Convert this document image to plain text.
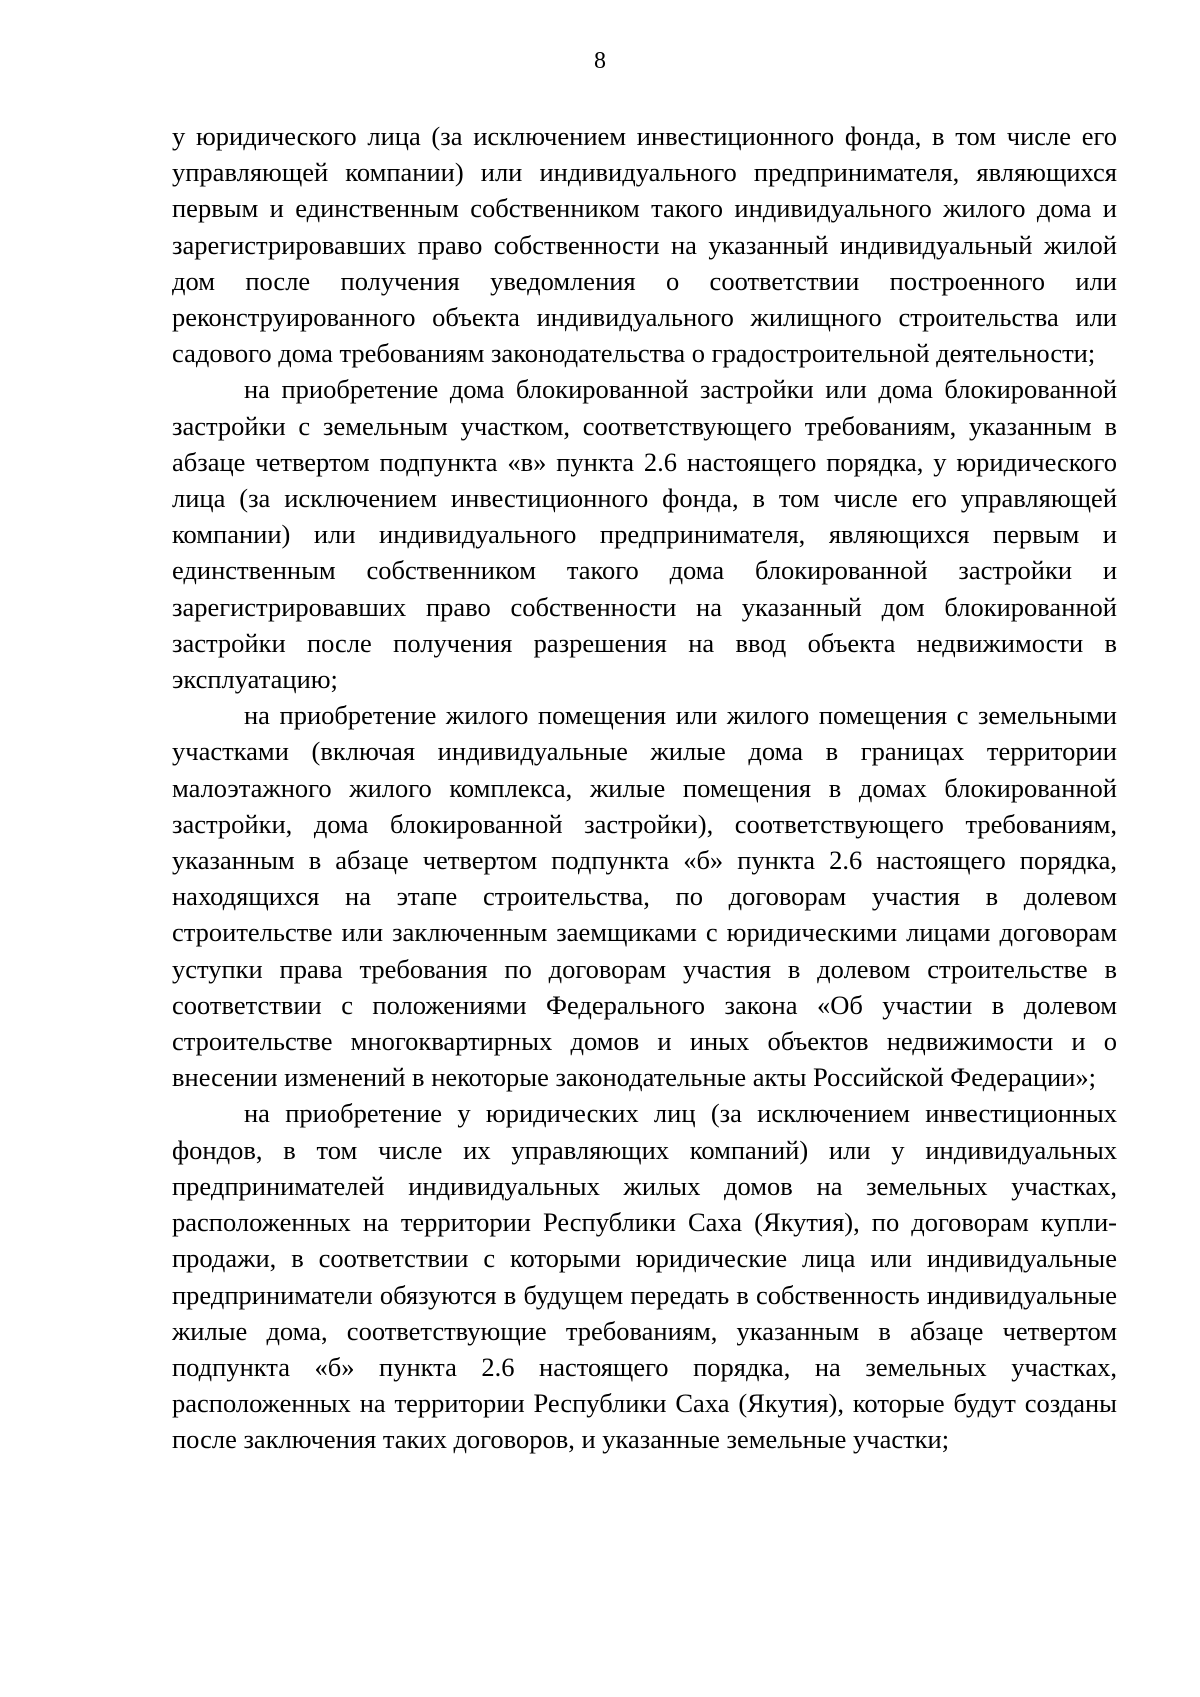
8

у юридического лица (за исключением инвестиционного фонда, в том числе его управляющей компании) или индивидуального предпринимателя, являющихся первым и единственным собственником такого индивидуального жилого дома и зарегистрировавших право собственности на указанный индивидуальный жилой дом после получения уведомления о соответствии построенного или реконструированного объекта индивидуального жилищного строительства или садового дома требованиям законодательства о градостроительной деятельности;

на приобретение дома блокированной застройки или дома блокированной застройки с земельным участком, соответствующего требованиям, указанным в абзаце четвертом подпункта «в» пункта 2.6 настоящего порядка, у юридического лица (за исключением инвестиционного фонда, в том числе его управляющей компании) или индивидуального предпринимателя, являющихся первым и единственным собственником такого дома блокированной застройки и зарегистрировавших право собственности на указанный дом блокированной застройки после получения разрешения на ввод объекта недвижимости в эксплуатацию;

на приобретение жилого помещения или жилого помещения с земельными участками (включая индивидуальные жилые дома в границах территории малоэтажного жилого комплекса, жилые помещения в домах блокированной застройки, дома блокированной застройки), соответствующего требованиям, указанным в абзаце четвертом подпункта «б» пункта 2.6 настоящего порядка, находящихся на этапе строительства, по договорам участия в долевом строительстве или заключенным заемщиками с юридическими лицами договорам уступки права требования по договорам участия в долевом строительстве в соответствии с положениями Федерального закона «Об участии в долевом строительстве многоквартирных домов и иных объектов недвижимости и о внесении изменений в некоторые законодательные акты Российской Федерации»;

на приобретение у юридических лиц (за исключением инвестиционных фондов, в том числе их управляющих компаний) или у индивидуальных предпринимателей индивидуальных жилых домов на земельных участках, расположенных на территории Республики Саха (Якутия), по договорам купли-продажи, в соответствии с которыми юридические лица или индивидуальные предприниматели обязуются в будущем передать в собственность индивидуальные жилые дома, соответствующие требованиям, указанным в абзаце четвертом подпункта «б» пункта 2.6 настоящего порядка, на земельных участках, расположенных на территории Республики Саха (Якутия), которые будут созданы после заключения таких договоров, и указанные земельные участки;
